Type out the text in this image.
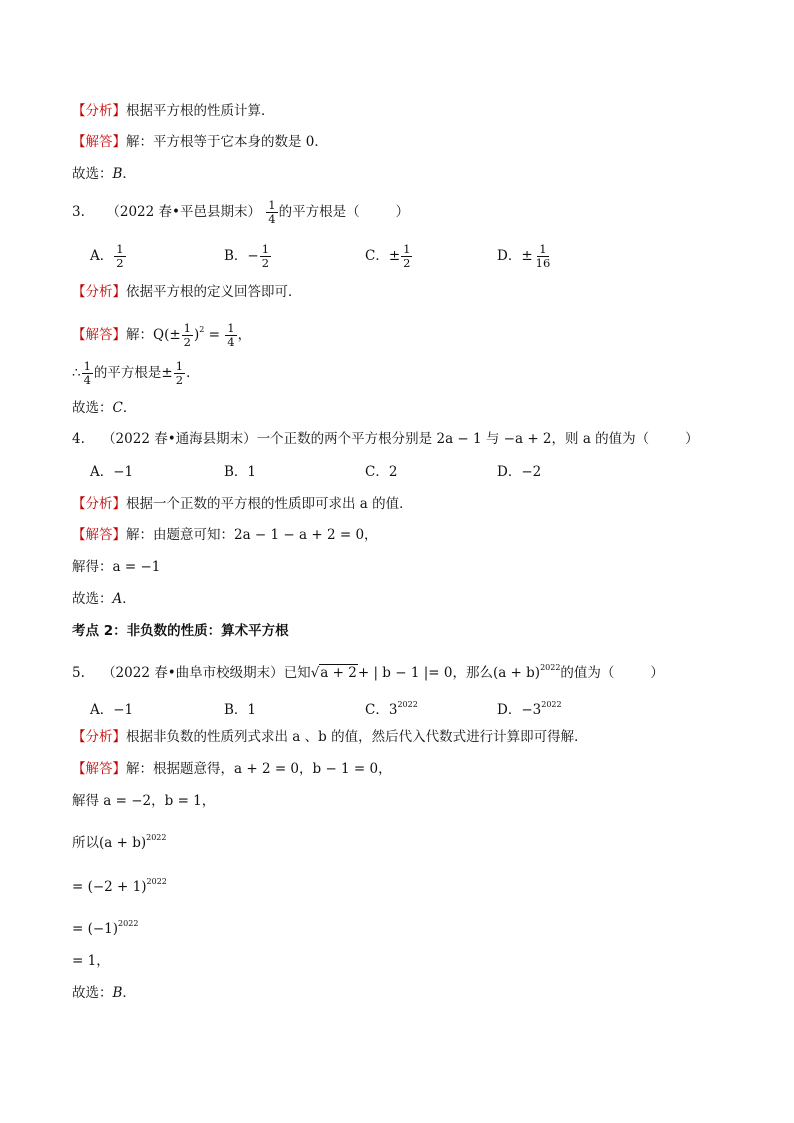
【分析】根据平方根的性质计算．
【解答】解：平方根等于它本身的数是 0．
故选：B．
3. （2022 春•平邑县期末） $\frac{1}{4}$ 的平方根是（	）
A． $\frac{1}{2}$	B．− $\frac{1}{2}$	C．± $\frac{1}{2}$	D．± $\frac{1}{16}$
【分析】依据平方根的定义回答即可．
【解答】解：$Q(\pm \frac{1}{2} )^2 = \frac{1}{4}$ ，
∴ $\frac{1}{4}$ 的平方根是± $\frac{1}{2}$ ．
故选：C．
4. （2022 春•通海县期末）一个正数的两个平方根分别是 2a − 1 与 −a + 2，则 a 的值为（	）
A．−1	B．1	C．2	D．−2
【分析】根据一个正数的平方根的性质即可求出 a 的值．
【解答】解：由题意可知：2a − 1 − a + 2 = 0，
解得：a = −1
故选：A．
考点 2：非负数的性质：算术平方根
5. （2022 春•曲阜市校级期末）已知√a + 2+ | b − 1 |= 0，那么$(a + b)^{2022}$的值为（	）
A．−1	B．1	C．$3^{2022}$	D．$-3^{2022}$
【分析】根据非负数的性质列式求出 a 、b 的值，然后代入代数式进行计算即可得解．
【解答】解：根据题意得，a + 2 = 0，b − 1 = 0，
解得 a = −2，b = 1，
所以$(a + b)^{2022}$
= $(-2 + 1)^{2022}$
= $(-1)^{2022}$
= 1，
故选：B．
